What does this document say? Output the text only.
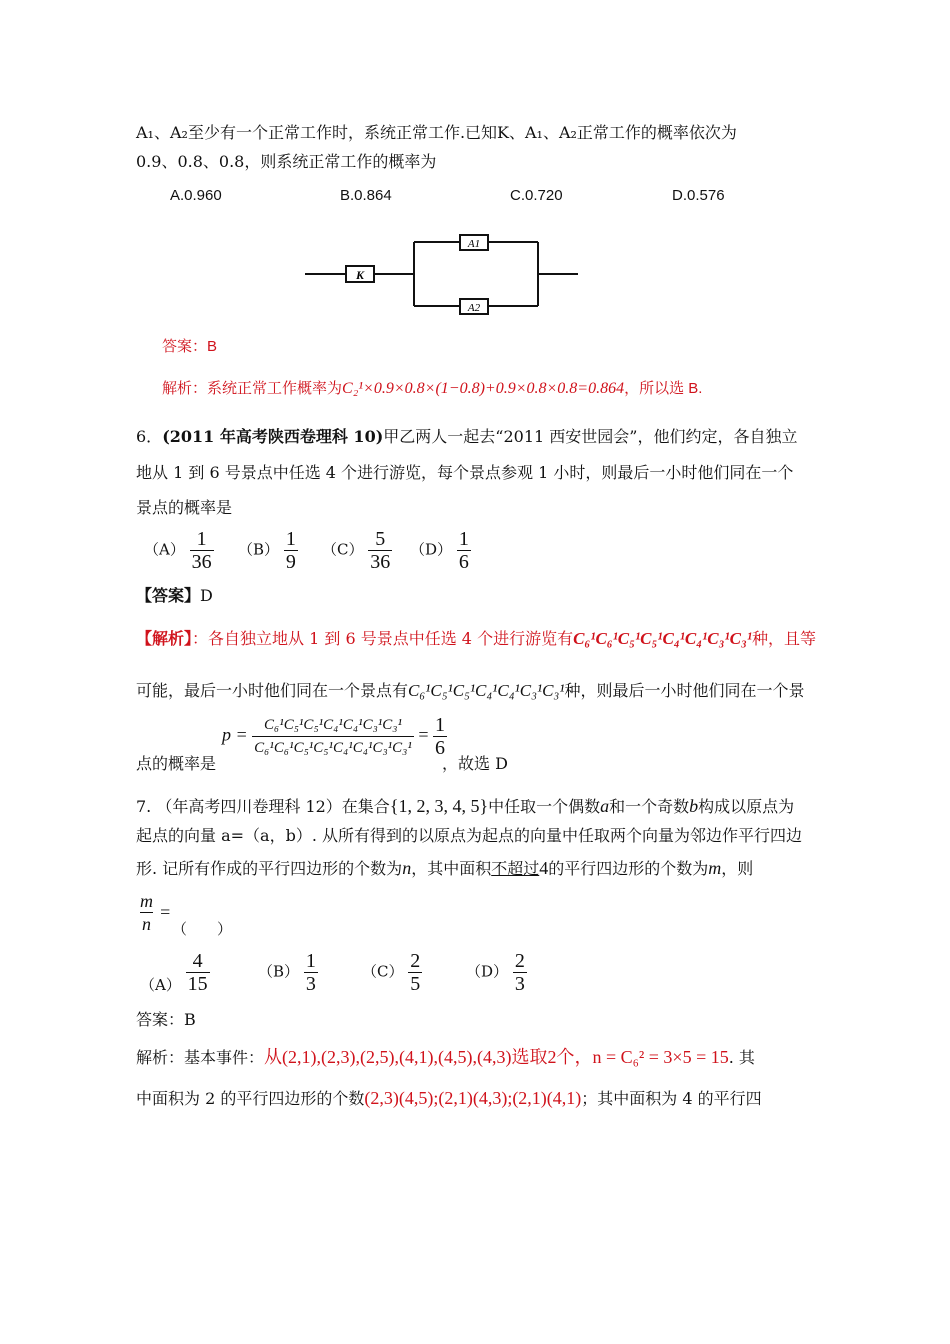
A₁、A₂至少有一个正常工作时，系统正常工作.已知K、A₁、A₂正常工作的概率依次为
0.9、0.8、0.8，则系统正常工作的概率为
A.0.960	B.0.864	C.0.720	D.0.576
K
A1
A2
答案：B
解析：系统正常工作概率为C₂¹×0.9×0.8×(1−0.8)+0.9×0.8×0.8=0.864，所以选 B.
6．(2011 年高考陕西卷理科 10)甲乙两人一起去“2011 西安世园会”，他们约定，各自独立
地从 1 到 6 号景点中任选 4 个进行游览，每个景点参观 1 小时，则最后一小时他们同在一个
景点的概率是
$(A) \frac{1}{36} (B) \frac{1}{9} (C) \frac{5}{36} (D) \frac{1}{6}$
【答案】D
【解析】：各自独立地从 1 到 6 号景点中任选 4 个进行游览有C₆¹C₆¹C₅¹C₅¹C₄¹C₄¹C₃¹C₃¹种，且等
可能，最后一小时他们同在一个景点有C₆¹C₅¹C₅¹C₄¹C₄¹C₃¹C₃¹种，则最后一小时他们同在一个景
点的概率是
$p = \frac{\text{C₆¹C₅¹C₅¹C₄¹C₄¹C₃¹C₃¹}}{\text{C₆¹C₆¹C₅¹C₅¹C₄¹C₄¹C₃¹C₃¹}} = \frac{1}{6}$
，故选 D
7. （年高考四川卷理科 12）在集合{1, 2, 3, 4, 5}中任取一个偶数a和一个奇数b构成以原点为
起点的向量 a=（a，b）. 从所有得到的以原点为起点的向量中任取两个向量为邻边作平行四边
形. 记所有作成的平行四边形的个数为n，其中面积不超过4的平行四边形的个数为m，则
$\frac{m}{n}$ =
（　　）
$(A) \frac{4}{15}$	$(B) \frac{1}{3}$	$(C) \frac{2}{5}$	$(D) \frac{2}{3}$
答案：B
解析：基本事件：从(2,1),(2,3),(2,5),(4,1),(4,5),(4,3)选取2个，n = C₆² = 3×5 = 15. 其
中面积为 2 的平行四边形的个数(2,3)(4,5);(2,1)(4,3);(2,1)(4,1)；其中面积为 4 的平行四
